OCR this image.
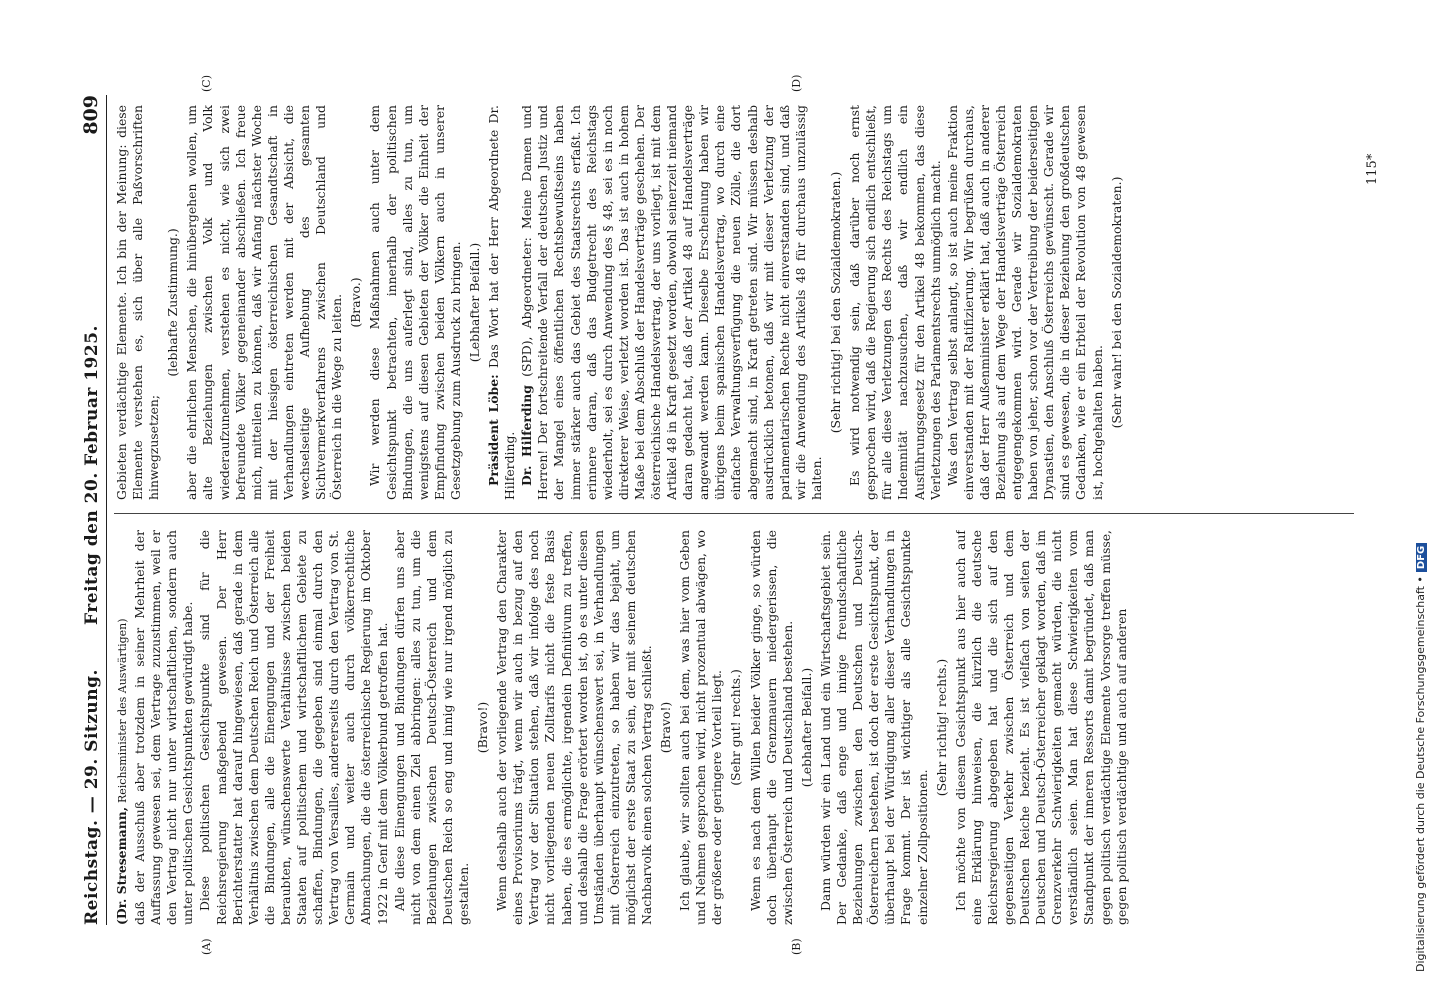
Reichstag. — 29. Sitzung.
Freitag den 20. Februar 1925.
809
(A)	(B)
(C)	(D)

(Dr. Stresemann, Reichsminister des Auswärtigen) daß der Ausschuß aber trotzdem in seiner Mehrheit der Auffassung gewesen sei, dem Vertrage zuzustimmen, weil er den Vertrag nicht nur unter wirtschaftlichen, sondern auch unter politischen Gesichtspunkten gewürdigt habe. Diese politischen Gesichtspunkte sind für die Reichsregierung maßgebend gewesen. Der Herr Berichterstatter hat darauf hingewiesen, daß gerade in dem Verhältnis zwischen dem Deutschen Reich und Österreich alle die Bindungen, alle die Einengungen und der Freiheit beraubten, wünschenswerte Verhältnisse zwischen beiden Staaten auf politischem und wirtschaftlichem Gebiete zu schaffen, Bindungen, die gegeben sind einmal durch den Vertrag von Versailles, andererseits durch den Vertrag von St. Germain und weiter auch durch völkerrechtliche Abmachungen, die die österreichische Regierung im Oktober 1922 in Genf mit dem Völkerbund getroffen hat. Alle diese Einengungen und Bindungen dürfen uns aber nicht von dem einen Ziel abbringen: alles zu tun, um die Beziehungen zwischen Deutsch-Österreich und dem Deutschen Reich so eng und innig wie nur irgend möglich zu gestalten.

(Bravo!) Wenn deshalb auch der vorliegende Vertrag den Charakter eines Provisoriums trägt, wenn wir auch in bezug auf den Vertrag vor der Situation stehen, daß wir infolge des noch nicht vorliegenden neuen Zolltarifs nicht die feste Basis haben, die es ermöglichte, irgendein Definitivum zu treffen, und deshalb die Frage erörtert worden ist, ob es unter diesen Umständen überhaupt wünschenswert sei, in Verhandlungen mit Österreich einzutreten, so haben wir das bejaht, um möglichst der erste Staat zu sein, der mit seinem deutschen Nachbarvolk einen solchen Vertrag schließt. (Bravo!) Ich glaube, wir sollten auch bei dem, was hier vom Geben und Nehmen gesprochen wird, nicht prozentual abwägen, wo der größere oder geringere Vorteil liegt. (Sehr gut! rechts.) Wenn es nach dem Willen beider Völker ginge, so würden doch überhaupt die Grenzmauern niedergerissen, die zwischen Österreich und Deutschland bestehen. (Lebhafter Beifall.) Dann würden wir ein Land und ein Wirtschaftsgebiet sein. Der Gedanke, daß enge und innige freundschaftliche Beziehungen zwischen den Deutschen und Deutsch-Österreichern bestehen, ist doch der erste Gesichtspunkt, der überhaupt bei der Würdigung aller dieser Verhandlungen in Frage kommt. Der ist wichtiger als alle Gesichtspunkte einzelner Zollpositionen.

(Sehr richtig! rechts.) Ich möchte von diesem Gesichtspunkt aus hier auch auf eine Erklärung hinweisen, die kürzlich die deutsche Reichsregierung abgegeben hat und die sich auf den gegenseitigen Verkehr zwischen Österreich und dem Deutschen Reiche bezieht. Es ist vielfach von seiten der Deutschen und Deutsch-Österreicher geklagt worden, daß im Grenzverkehr Schwierigkeiten gemacht würden, die nicht verständlich seien. Man hat diese Schwierigkeiten vom Standpunkt der inneren Ressorts damit begründet, daß man gegen politisch verdächtige Elemente Vorsorge treffen müsse, gegen politisch verdächtige und auch auf anderen

Gebieten verdächtige Elemente. Ich bin der Meinung: diese Elemente verstehen es, sich über alle Paßvorschriften hinwegzusetzen;

(lebhafte Zustimmung.) aber die ehrlichen Menschen, die hinübergehen wollen, um alte Beziehungen zwischen Volk und Volk wiederaufzunehmen, verstehen es nicht, wie sich zwei befreundete Völker gegeneinander abschließen. Ich freue mich, mitteilen zu können, daß wir Anfang nächster Woche mit der hiesigen österreichischen Gesandtschaft in Verhandlungen eintreten werden mit der Absicht, die wechselseitige Aufhebung des gesamten Sichtvermerkverfahrens zwischen Deutschland und Österreich in die Wege zu leiten. (Bravo.) Wir werden diese Maßnahmen auch unter dem Gesichtspunkt betrachten, innerhalb der politischen Bindungen, die uns auferlegt sind, alles zu tun, um wenigstens auf diesen Gebieten der Völker die Einheit der Empfindung zwischen beiden Völkern auch in unserer Gesetzgebung zum Ausdruck zu bringen. (Lebhafter Beifall.)

Präsident Löbe: Das Wort hat der Herr Abgeordnete Dr. Hilferding. Dr. Hilferding (SPD), Abgeordneter: Meine Damen und Herren! Der fortschreitende Verfall der deutschen Justiz und der Mangel eines öffentlichen Rechtsbewußtseins haben immer stärker auch das Gebiet des Staatsrechts erfaßt. Ich erinnere daran, daß das Budgetrecht des Reichstags wiederholt, sei es durch Anwendung des § 48, sei es in noch direkterer Weise, verletzt worden ist. Das ist auch in hohem Maße bei dem Abschluß der Handelsverträge geschehen. Der österreichische Handelsvertrag, der uns vorliegt, ist mit dem Artikel 48 in Kraft gesetzt worden, obwohl seinerzeit niemand daran gedacht hat, daß der Artikel 48 auf Handelsverträge angewandt werden kann. Dieselbe Erscheinung haben wir übrigens beim spanischen Handelsvertrag, wo durch eine einfache Verwaltungsverfügung die neuen Zölle, die dort abgemacht sind, in Kraft getreten sind. Wir müssen deshalb ausdrücklich betonen, daß wir mit dieser Verletzung der parlamentarischen Rechte nicht einverstanden sind, und daß wir die Anwendung des Artikels 48 für durchaus unzulässig halten.

(Sehr richtig! bei den Sozialdemokraten.) Es wird notwendig sein, daß darüber noch ernst gesprochen wird, daß die Regierung sich endlich entschließt, für alle diese Verletzungen des Rechts des Reichstags um Indemnität nachzusuchen, daß wir endlich ein Ausführungsgesetz für den Artikel 48 bekommen, das diese Verletzungen des Parlamentsrechts unmöglich macht. Was den Vertrag selbst anlangt, so ist auch meine Fraktion einverstanden mit der Ratifizierung. Wir begrüßen durchaus, daß der Herr Außenminister erklärt hat, daß auch in anderer Beziehung als auf dem Wege der Handelsverträge Österreich entgegengekommen wird. Gerade wir Sozialdemokraten haben von jeher, schon vor der Vertreibung der beiderseitigen Dynastien, den Anschluß Österreichs gewünscht. Gerade wir sind es gewesen, die in dieser Beziehung den großdeutschen Gedanken, wie er ein Erbteil der Revolution von 48 gewesen ist, hochgehalten haben. (Sehr wahr! bei den Sozialdemokraten.)

115*
Digitalisierung gefördert durch die Deutsche Forschungsgemeinschaft •DFG
